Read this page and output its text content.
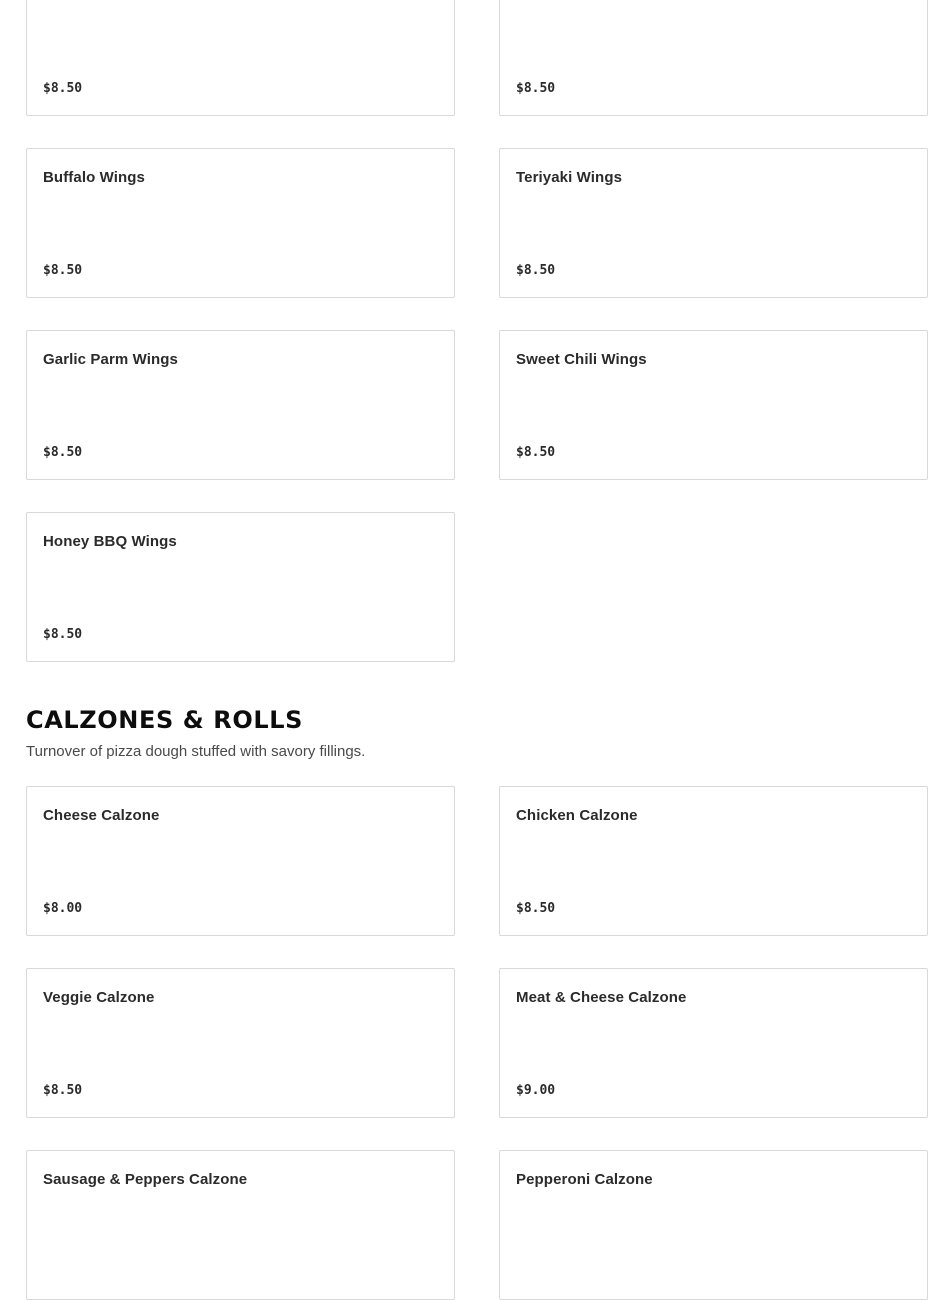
$8.50	$8.50
Buffalo Wings
$8.50
Teriyaki Wings
$8.50
Garlic Parm Wings
$8.50
Sweet Chili Wings
$8.50
Honey BBQ Wings
$8.50
CALZONES & ROLLS
Turnover of pizza dough stuffed with savory fillings.
Cheese Calzone
$8.00
Chicken Calzone
$8.50
Veggie Calzone
$8.50
Meat & Cheese Calzone
$9.00
Sausage & Peppers Calzone	Pepperoni Calzone
